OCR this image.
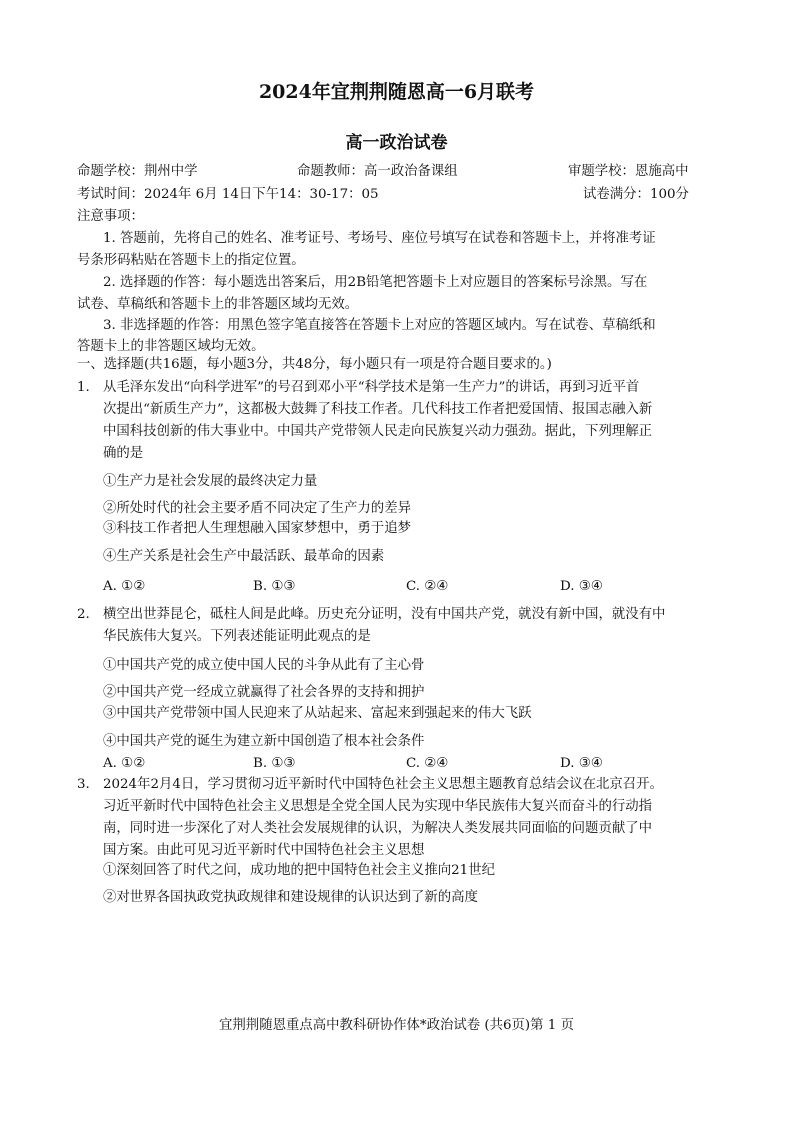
2024年宜荆荆随恩高一6月联考
高一政治试卷
命题学校：荆州中学	命题教师：高一政治备课组	审题学校：恩施高中
考试时间：2024年 6月 14日下午14：30-17：05	试卷满分：100分
注意事项：
1. 答题前，先将自己的姓名、准考证号、考场号、座位号填写在试卷和答题卡上，并将准考证
号条形码粘贴在答题卡上的指定位置。
2. 选择题的作答：每小题选出答案后，用2B铅笔把答题卡上对应题目的答案标号涂黑。写在
试卷、草稿纸和答题卡上的非答题区域均无效。
3. 非选择题的作答：用黑色签字笔直接答在答题卡上对应的答题区域内。写在试卷、草稿纸和
答题卡上的非答题区域均无效。
一、选择题(共16题，每小题3分，共48分，每小题只有一项是符合题目要求的。)
1. 从毛泽东发出“向科学进军”的号召到邓小平“科学技术是第一生产力”的讲话，再到习近平首
次提出“新质生产力”，这都极大鼓舞了科技工作者。几代科技工作者把爱国情、报国志融入新
中国科技创新的伟大事业中。中国共产党带领人民走向民族复兴动力强劲。据此，下列理解正
确的是
①生产力是社会发展的最终决定力量
②所处时代的社会主要矛盾不同决定了生产力的差异
③科技工作者把人生理想融入国家梦想中，勇于追梦
④生产关系是社会生产中最活跃、最革命的因素
A. ①②	B. ①③	C. ②④	D. ③④
2. 横空出世莽昆仑，砥柱人间是此峰。历史充分证明，没有中国共产党，就没有新中国，就没有中
华民族伟大复兴。下列表述能证明此观点的是
①中国共产党的成立使中国人民的斗争从此有了主心骨
②中国共产党一经成立就赢得了社会各界的支持和拥护
③中国共产党带领中国人民迎来了从站起来、富起来到强起来的伟大飞跃
④中国共产党的诞生为建立新中国创造了根本社会条件
A. ①②	B. ①③	C. ②④	D. ③④
3. 2024年2月4日，学习贯彻习近平新时代中国特色社会主义思想主题教育总结会议在北京召开。
习近平新时代中国特色社会主义思想是全党全国人民为实现中华民族伟大复兴而奋斗的行动指
南，同时进一步深化了对人类社会发展规律的认识，为解决人类发展共同面临的问题贡献了中
国方案。由此可见习近平新时代中国特色社会主义思想
①深刻回答了时代之问，成功地的把中国特色社会主义推向21世纪
②对世界各国执政党执政规律和建设规律的认识达到了新的高度
宜荆荆随恩重点高中教科研协作体*政治试卷 (共6页)第 1 页
